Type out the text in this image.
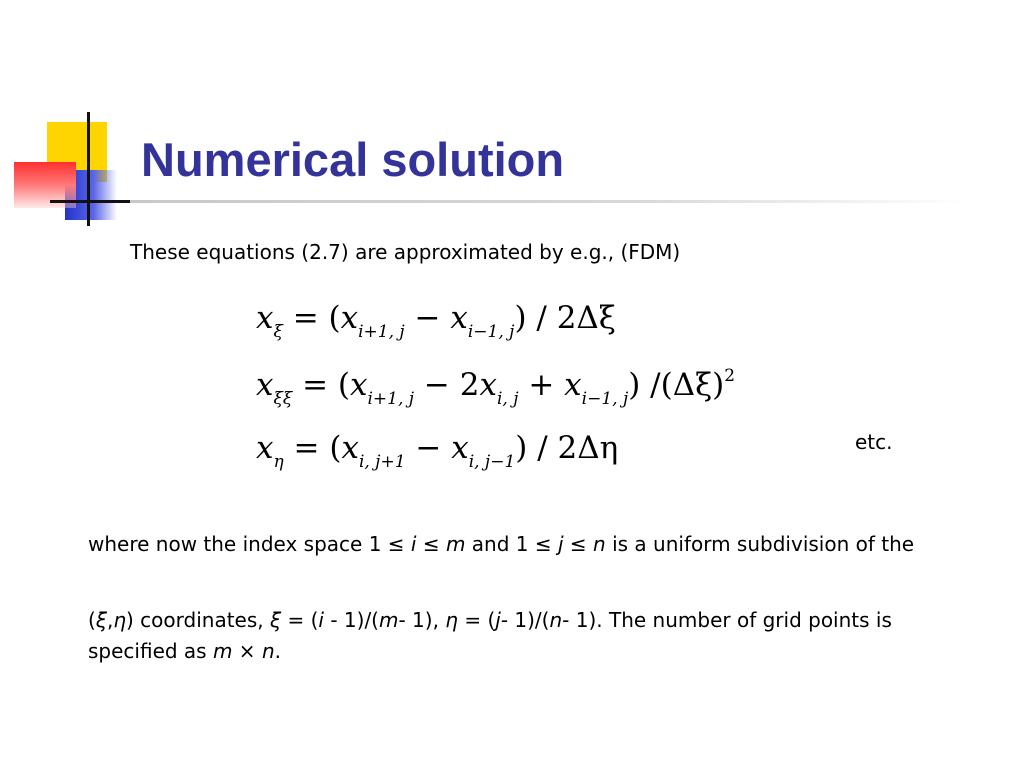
Numerical solution

These equations (2.7) are approximated by e.g., (FDM)

$x_\xi = (x_{i+1, j} - x_{i-1, j}) / 2\Delta\xi$

$x_{\xi\xi} = (x_{i+1, j} - 2x_{i, j} + x_{i-1, j})$ $/(\Delta\xi)^2$

$x_\eta = (x_{i, j+1} - x_{i, j-1}) / 2\Delta\eta$	etc.

where now the index space 1 ≤ i ≤ m and 1 ≤ j ≤ n is a uniform subdivision of the

(ξ,η) coordinates, ξ = (i - 1)/(m- 1), η = (j- 1)/(n- 1). The number of grid points is specified as m × n.
